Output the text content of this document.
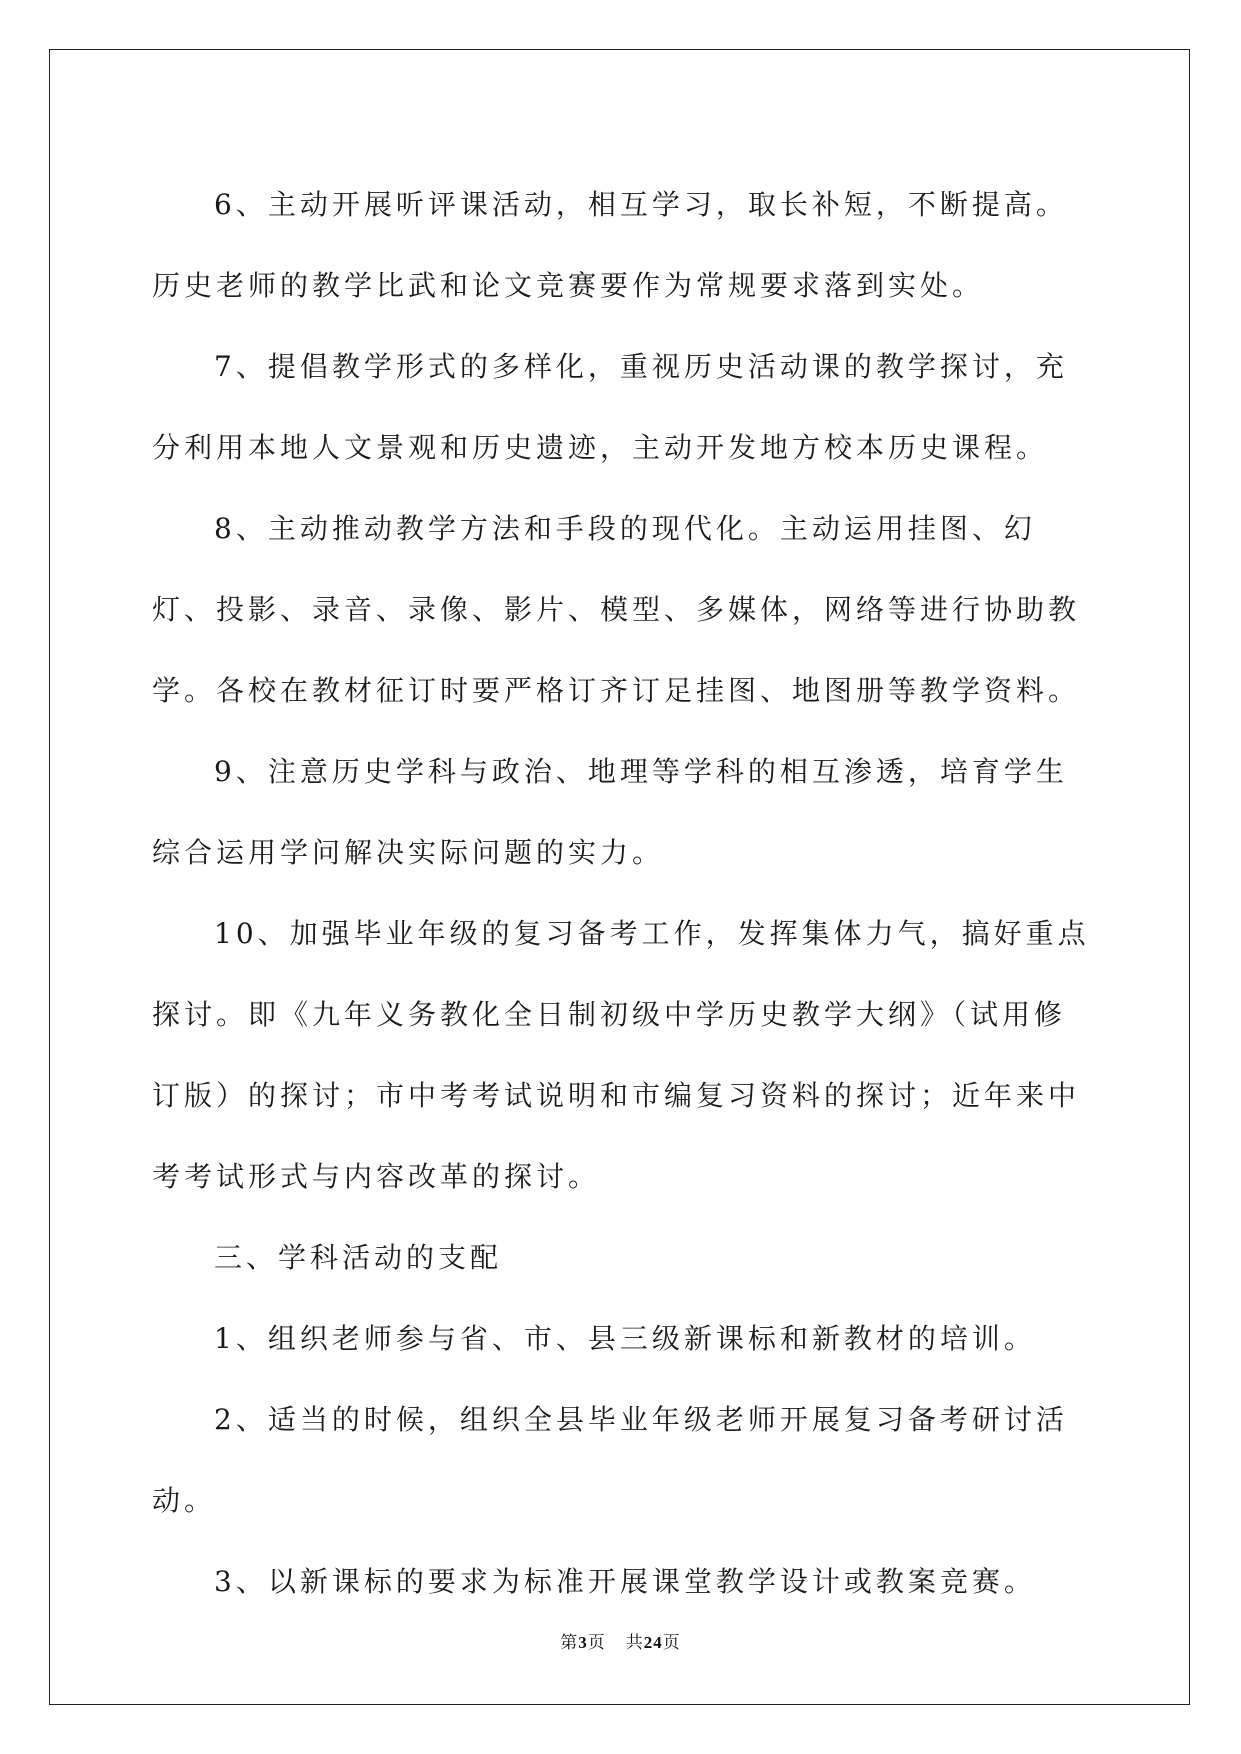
6、主动开展听评课活动，相互学习，取长补短，不断提高。历史老师的教学比武和论文竞赛要作为常规要求落到实处。

7、提倡教学形式的多样化，重视历史活动课的教学探讨，充分利用本地人文景观和历史遗迹，主动开发地方校本历史课程。

8、主动推动教学方法和手段的现代化。主动运用挂图、幻灯、投影、录音、录像、影片、模型、多媒体，网络等进行协助教学。各校在教材征订时要严格订齐订足挂图、地图册等教学资料。

9、注意历史学科与政治、地理等学科的相互渗透，培育学生综合运用学问解决实际问题的实力。

10、加强毕业年级的复习备考工作，发挥集体力气，搞好重点探讨。即《九年义务教化全日制初级中学历史教学大纲》（试用修订版）的探讨；市中考考试说明和市编复习资料的探讨；近年来中考考试形式与内容改革的探讨。

三、学科活动的支配

1、组织老师参与省、市、县三级新课标和新教材的培训。

2、适当的时候，组织全县毕业年级老师开展复习备考研讨活动。

3、以新课标的要求为标准开展课堂教学设计或教案竞赛。

第3页 共24页
